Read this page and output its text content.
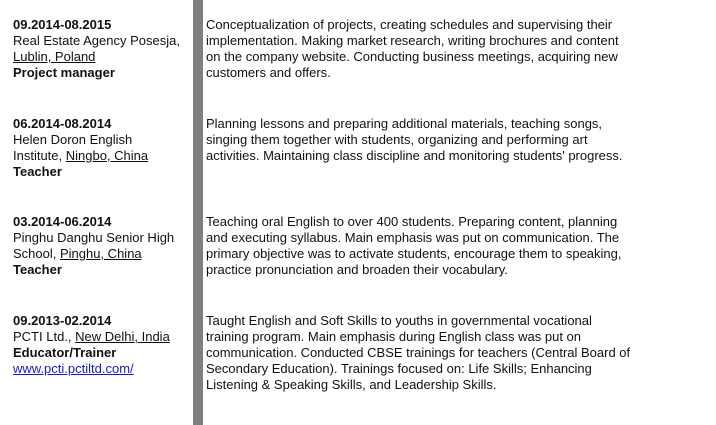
09.2014-08.2015
Real Estate Agency Posesja,
Lublin, Poland
Project manager
Conceptualization of projects, creating schedules and supervising their
implementation. Making market research, writing brochures and content
on the company website. Conducting business meetings, acquiring new
customers and offers.
06.2014-08.2014
Helen Doron English
Institute, Ningbo, China
Teacher
Planning lessons and preparing additional materials, teaching songs,
singing them together with students, organizing and performing art
activities. Maintaining class discipline and monitoring students' progress.
03.2014-06.2014
Pinghu Danghu Senior High
School, Pinghu, China
Teacher
Teaching oral English to over 400 students. Preparing content, planning
and executing syllabus. Main emphasis was put on communication. The
primary objective was to activate students, encourage them to speaking,
practice pronunciation and broaden their vocabulary.
09.2013-02.2014
PCTI Ltd., New Delhi, India
Educator/Trainer
www.pcti.pctiltd.com/
Taught English and Soft Skills to youths in governmental vocational
training program. Main emphasis during English class was put on
communication. Conducted CBSE trainings for teachers (Central Board of
Secondary Education). Trainings focused on: Life Skills; Enhancing
Listening & Speaking Skills, and Leadership Skills.
